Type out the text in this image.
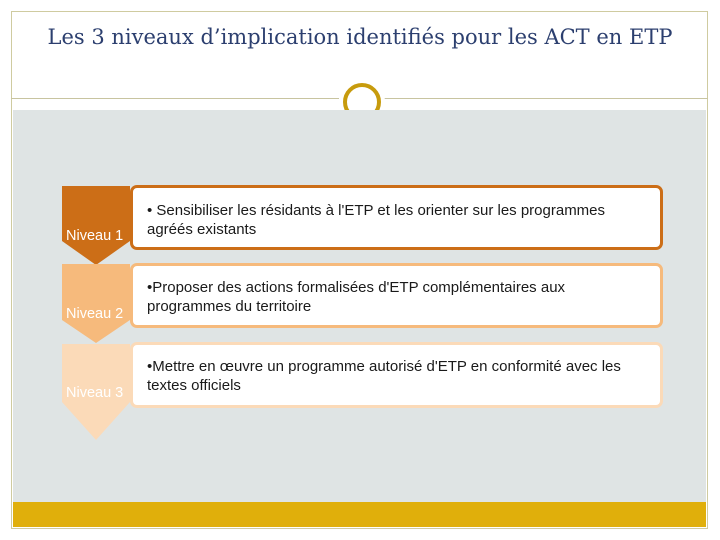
Les 3 niveaux d’implication identifiés pour les ACT en ETP
Niveau 1
Niveau 2
Niveau 3

• Sensibiliser les résidants à l'ETP et les orienter sur les programmes agréés existants

•Proposer des actions formalisées d'ETP complémentaires aux programmes du territoire

•Mettre en œuvre un programme autorisé d'ETP en conformité avec les textes officiels
